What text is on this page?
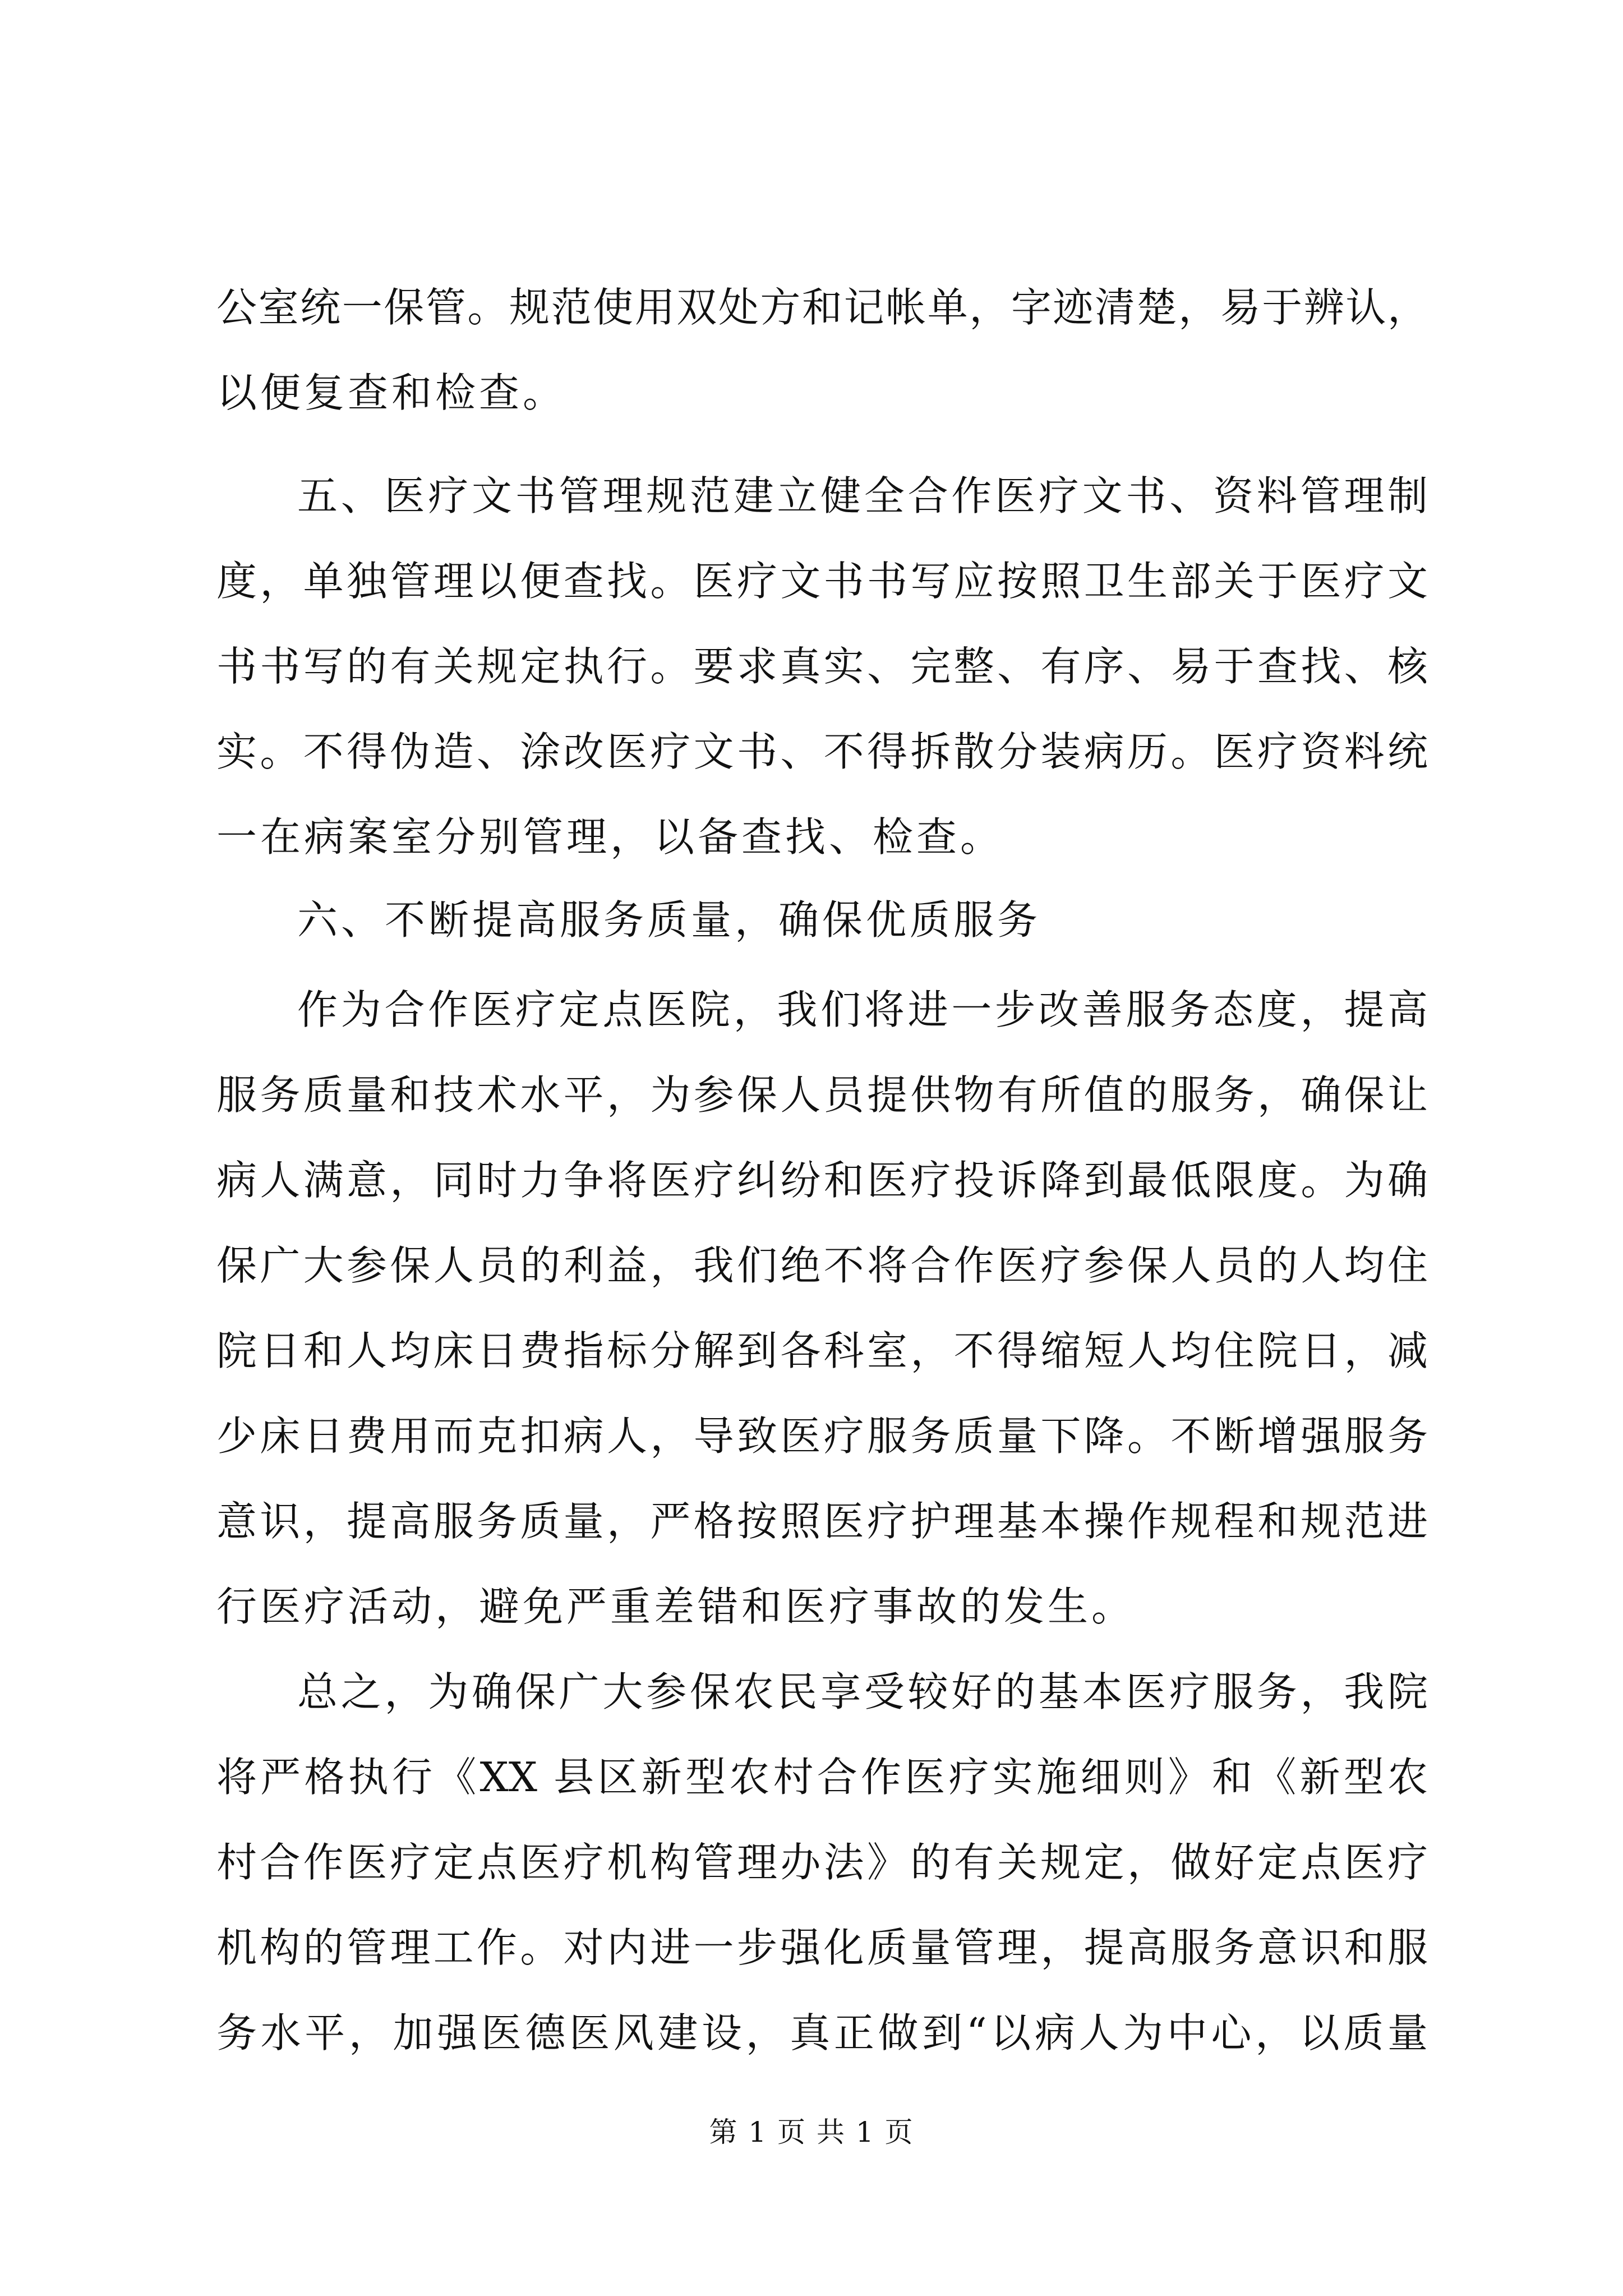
公室统一保管。规范使用双处方和记帐单，字迹清楚，易于辨认，
以便复查和检查。
五、医疗文书管理规范建立健全合作医疗文书、资料管理制
度，单独管理以便查找。医疗文书书写应按照卫生部关于医疗文
书书写的有关规定执行。要求真实、完整、有序、易于查找、核
实。不得伪造、涂改医疗文书、不得拆散分装病历。医疗资料统
一在病案室分别管理，以备查找、检查。
六、不断提高服务质量，确保优质服务
作为合作医疗定点医院，我们将进一步改善服务态度，提高
服务质量和技术水平，为参保人员提供物有所值的服务，确保让
病人满意，同时力争将医疗纠纷和医疗投诉降到最低限度。为确
保广大参保人员的利益，我们绝不将合作医疗参保人员的人均住
院日和人均床日费指标分解到各科室，不得缩短人均住院日，减
少床日费用而克扣病人，导致医疗服务质量下降。不断增强服务
意识，提高服务质量，严格按照医疗护理基本操作规程和规范进
行医疗活动，避免严重差错和医疗事故的发生。
总之，为确保广大参保农民享受较好的基本医疗服务，我院
将严格执行《XX 县区新型农村合作医疗实施细则》和《新型农
村合作医疗定点医疗机构管理办法》的有关规定，做好定点医疗
机构的管理工作。对内进一步强化质量管理，提高服务意识和服
务水平，加强医德医风建设，真正做到“以病人为中心，以质量
第 1 页 共 1 页
